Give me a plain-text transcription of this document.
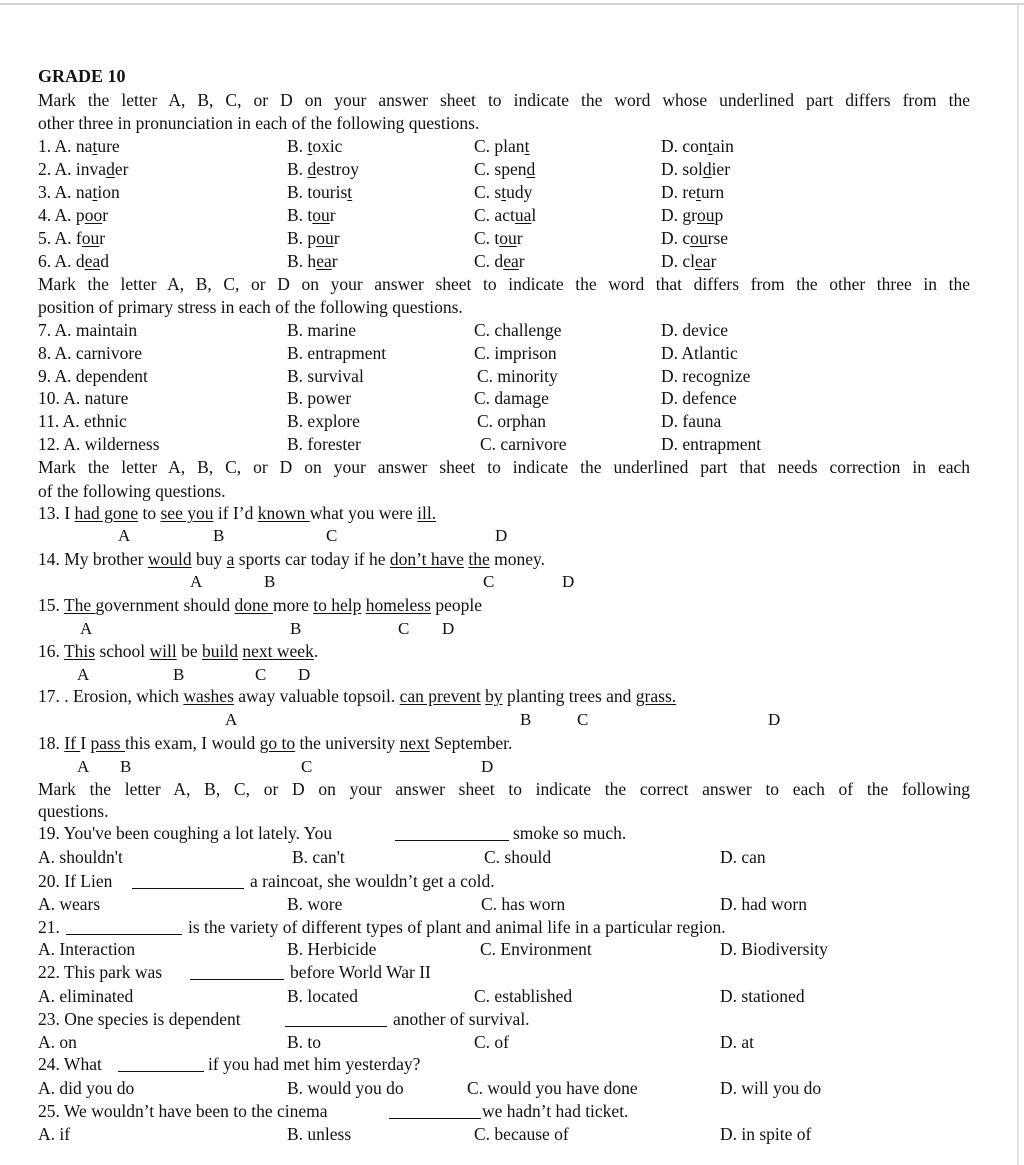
GRADE 10
Mark the letter A, B, C, or D on your answer sheet to indicate the word whose underlined part differs from the
other three in pronunciation in each of the following questions.
1. A. nature	B. toxic	C. plant	D. contain
2. A. invader	B. destroy	C. spend	D. soldier
3. A. nation	B. tourist	C. study	D. return
4. A. poor	B. tour	C. actual	D. group
5. A. four	B. pour	C. tour	D. course
6. A. dead	B. hear	C. dear	D. clear
Mark the letter A, B, C, or D on your answer sheet to indicate the word that differs from the other three in the
position of primary stress in each of the following questions.
7. A. maintain	B. marine	C. challenge	D. device
8. A. carnivore	B. entrapment	C. imprison	D. Atlantic
9. A. dependent	B. survival	C. minority	D. recognize
10. A. nature	B. power	C. damage	D. defence
11. A. ethnic	B. explore	C. orphan	D. fauna
12. A. wilderness	B. forester	C. carnivore	D. entrapment
Mark the letter A, B, C, or D on your answer sheet to indicate the underlined part that needs correction in each
of the following questions.
13. I had gone to see you if I’d known what you were ill.
A	B	C	D
14. My brother would buy a sports car today if he don’t have the money.
A	B	C	D
15. The government should done more to help homeless people
A	B	C D
16. This school will be build next week.
A	B	C D
17. . Erosion, which washes away valuable topsoil. can prevent by planting trees and grass.
A	B	C	D
18. If I pass this exam, I would go to the university next September.
A B	C	D
Mark the letter A, B, C, or D on your answer sheet to indicate the correct answer to each of the following
questions.
19. You've been coughing a lot lately. You	smoke so much.
A. shouldn't	B. can't	C. should	D. can
20. If Lien	a raincoat, she wouldn’t get a cold.
A. wears	B. wore	C. has worn	D. had worn
21.	is the variety of different types of plant and animal life in a particular region.
A. Interaction	B. Herbicide	C. Environment	D. Biodiversity
22. This park was	before World War II
A. eliminated	B. located	C. established	D. stationed
23. One species is dependent	another of survival.
A. on	B. to	C. of	D. at
24. What	if you had met him yesterday?
A. did you do	B. would you do	C. would you have done	D. will you do
25. We wouldn’t have been to the cinema	we hadn’t had ticket.
A. if	B. unless	C. because of	D. in spite of
